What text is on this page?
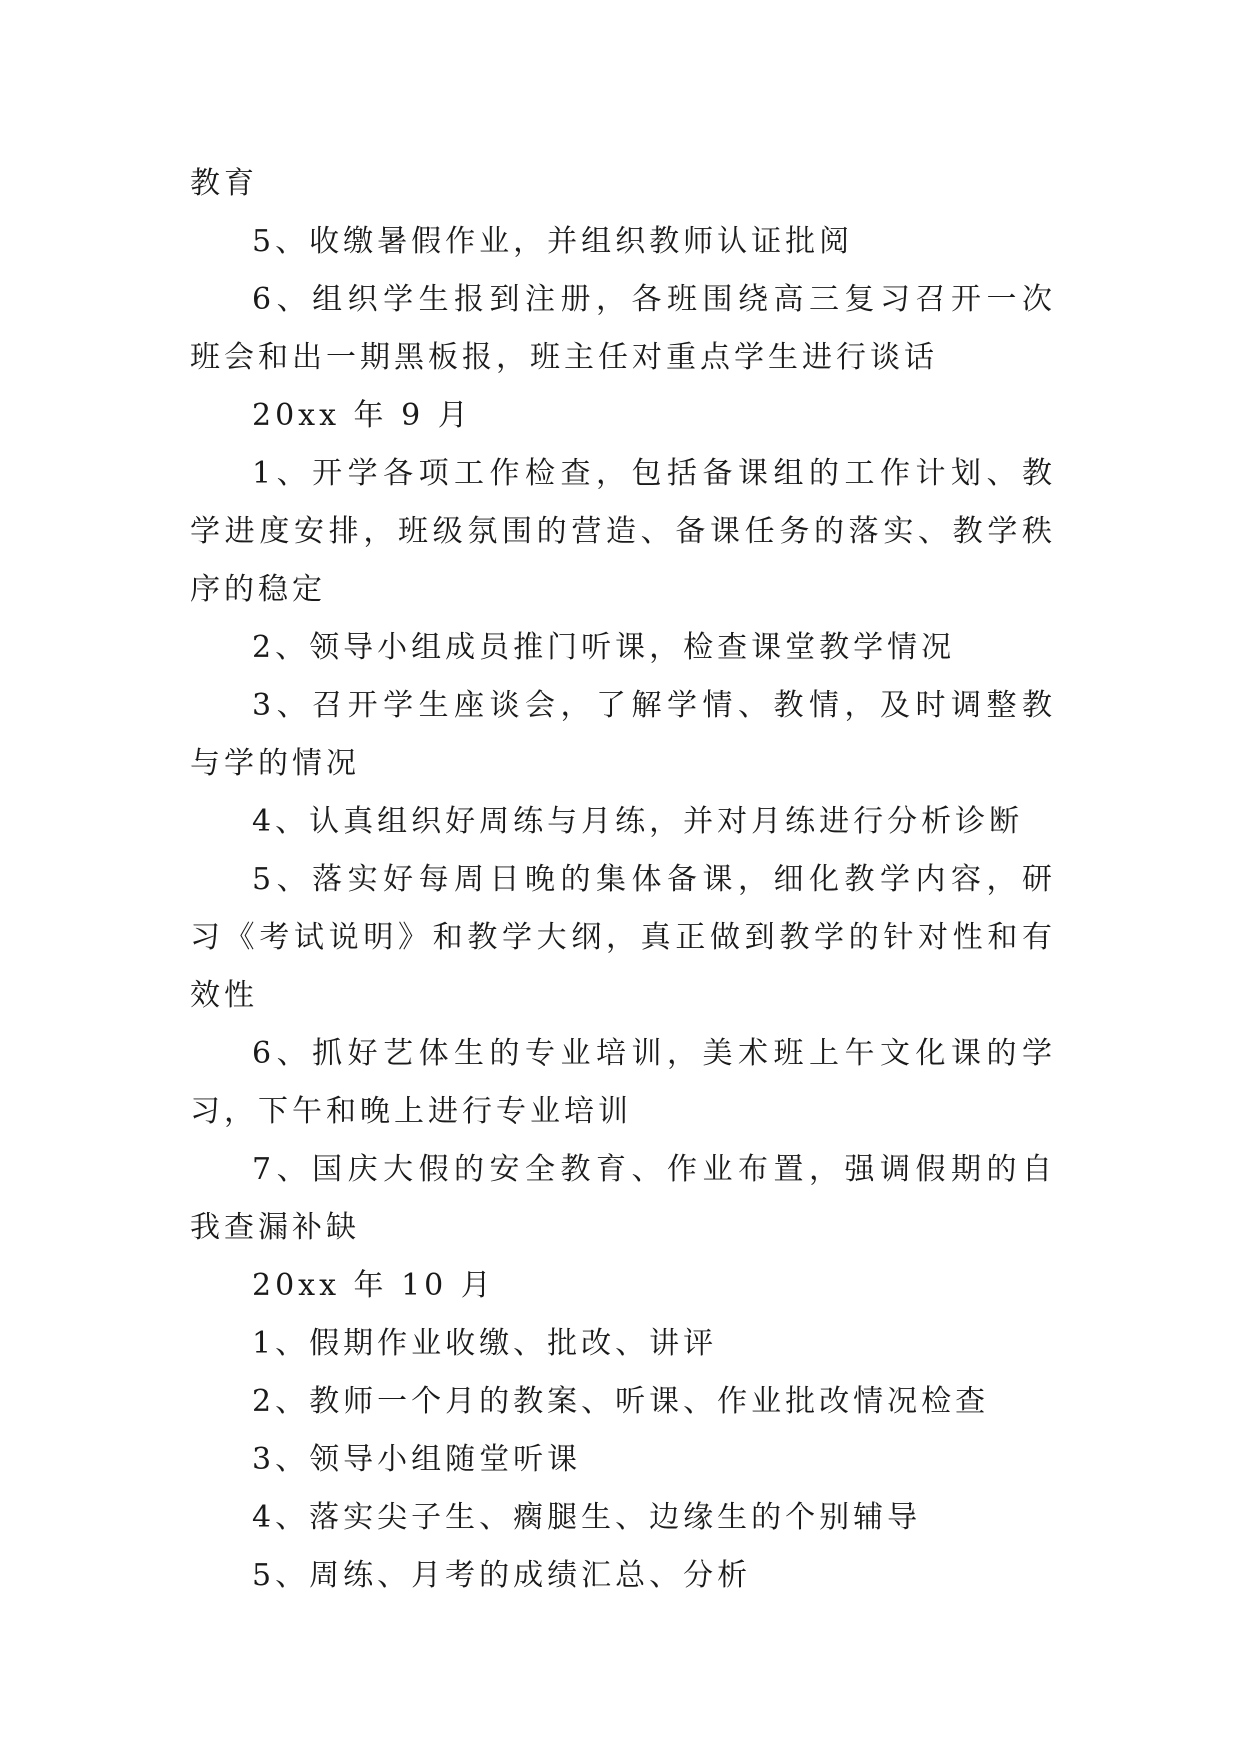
教育

5、收缴暑假作业，并组织教师认证批阅

6、组织学生报到注册，各班围绕高三复习召开一次班会和出一期黑板报，班主任对重点学生进行谈话

20xx 年 9 月

1、开学各项工作检查，包括备课组的工作计划、教学进度安排，班级氛围的营造、备课任务的落实、教学秩序的稳定

2、领导小组成员推门听课，检查课堂教学情况

3、召开学生座谈会，了解学情、教情，及时调整教与学的情况

4、认真组织好周练与月练，并对月练进行分析诊断

5、落实好每周日晚的集体备课，细化教学内容，研习《考试说明》和教学大纲，真正做到教学的针对性和有效性

6、抓好艺体生的专业培训，美术班上午文化课的学习，下午和晚上进行专业培训

7、国庆大假的安全教育、作业布置，强调假期的自我查漏补缺

20xx 年 10 月

1、假期作业收缴、批改、讲评

2、教师一个月的教案、听课、作业批改情况检查

3、领导小组随堂听课

4、落实尖子生、瘸腿生、边缘生的个别辅导

5、周练、月考的成绩汇总、分析
